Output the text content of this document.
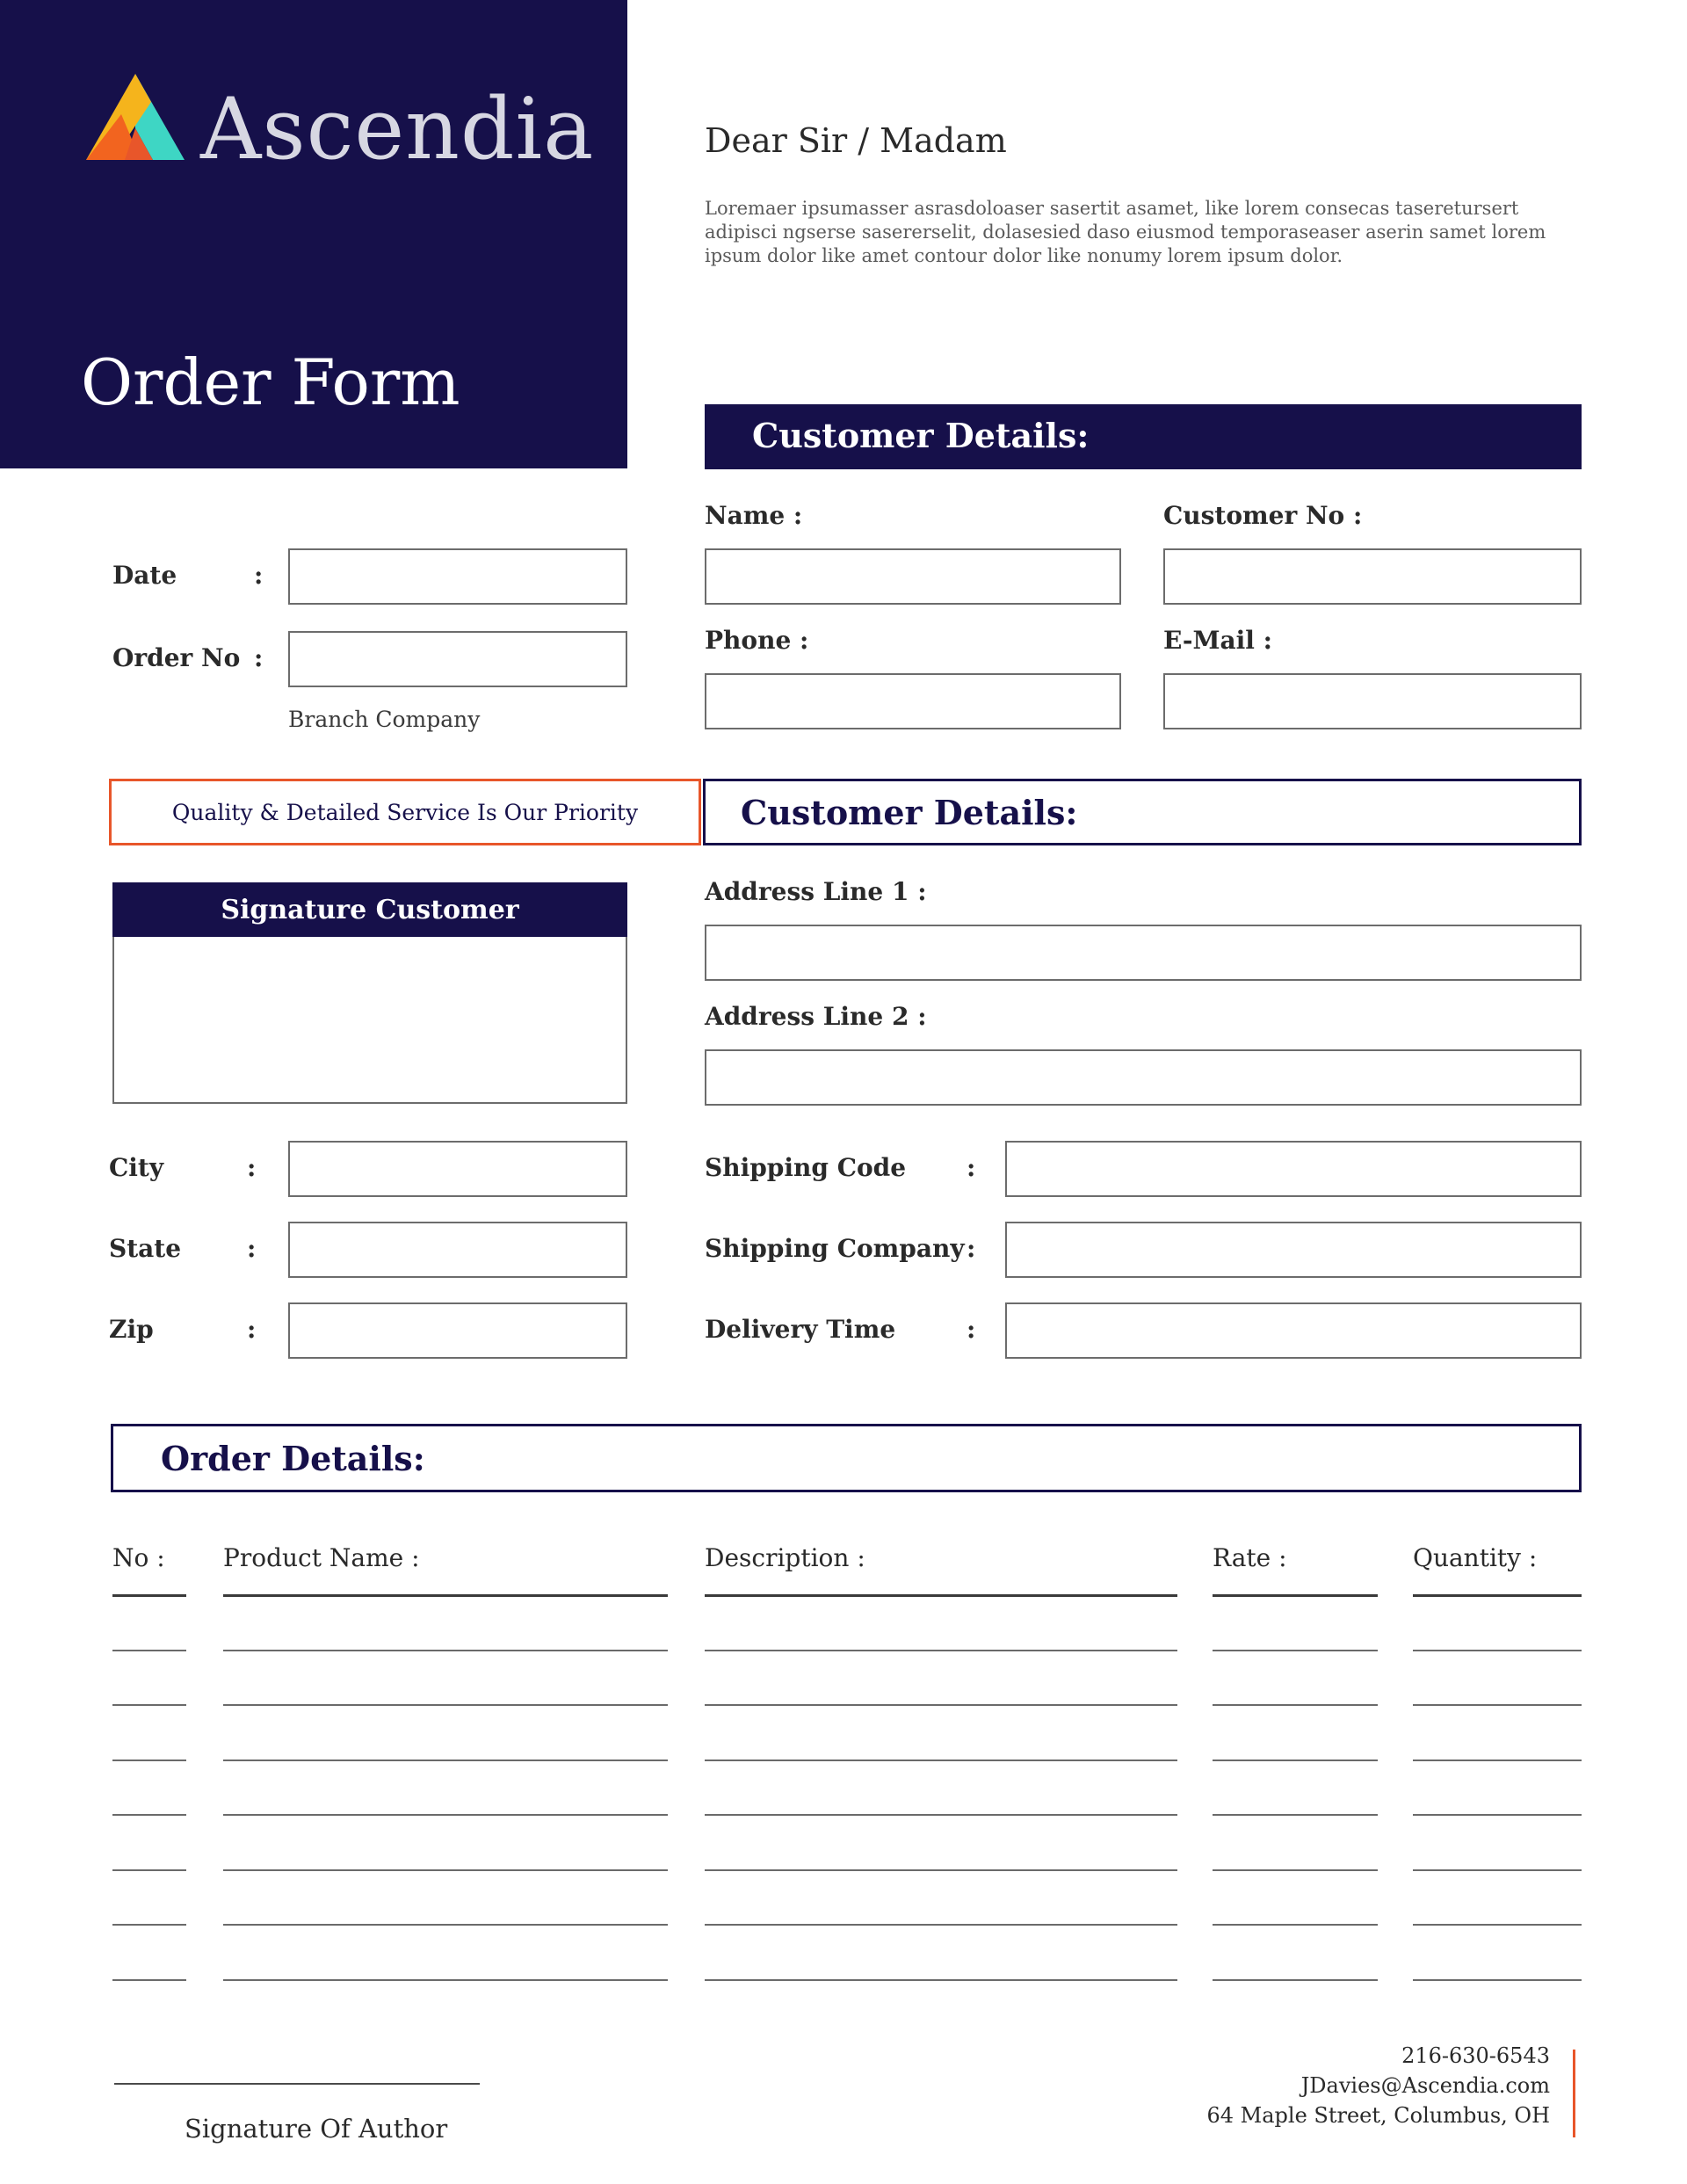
Ascendia
Order Form
Dear Sir / Madam
Loremaer ipsumasser asrasdoloaser sasertit asamet, like lorem consecas taseretursert adipisci ngserse sasererselit, dolasesied daso eiusmod temporaseaser aserin samet lorem ipsum dolor like amet contour dolor like nonumy lorem ipsum dolor.
Customer Details:
Name :	Customer No :
Phone :	E-Mail :
Date	:
Order No :
Branch Company
Quality & Detailed Service Is Our Priority	Customer Details:
Signature Customer
Address Line 1 :
Address Line 2 :
City	:
State	:
Zip	:
Shipping Code :
Shipping Company :
Delivery Time	:
Order Details:
No : Product Name :	Description :	Rate :	Quantity :
Signature Of Author
216-630-6543
JDavies@Ascendia.com
64 Maple Street, Columbus, OH
